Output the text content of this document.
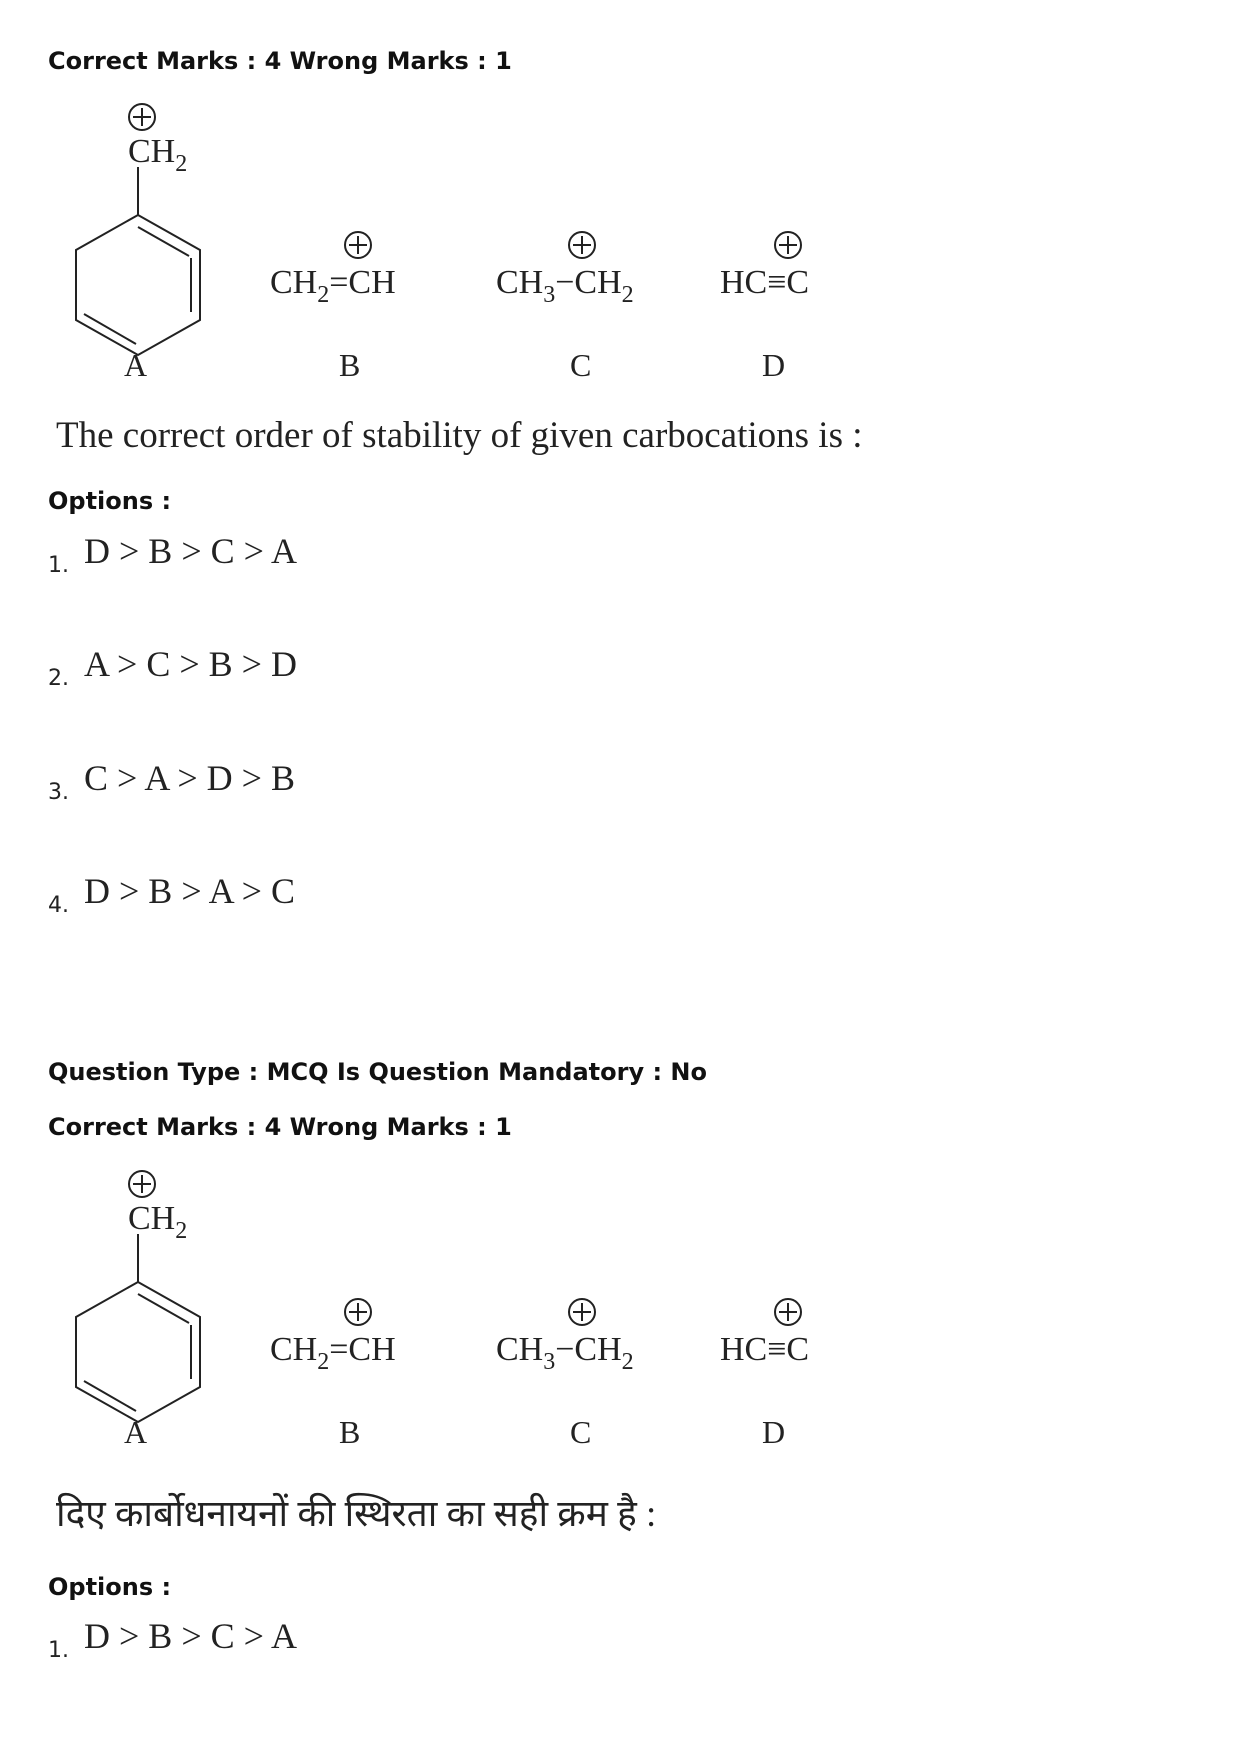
Correct Marks : 4 Wrong Marks : 1
$CH_2$
A
$CH_2=CH$
B
$CH_3-CH_2$
C
HC≡C
D
The correct order of stability of given carbocations is :
Options :
1. D > B > C > A
2. A > C > B > D
3. C > A > D > B
4. D > B > A > C
Question Type : MCQ Is Question Mandatory : No
Correct Marks : 4 Wrong Marks : 1
$CH_2$
A
$CH_2=CH$
B
$CH_3-CH_2$
C
HC≡C
D
दिए कार्बोधनायनों की स्थिरता का सही क्रम है :
Options :
1. D > B > C > A
